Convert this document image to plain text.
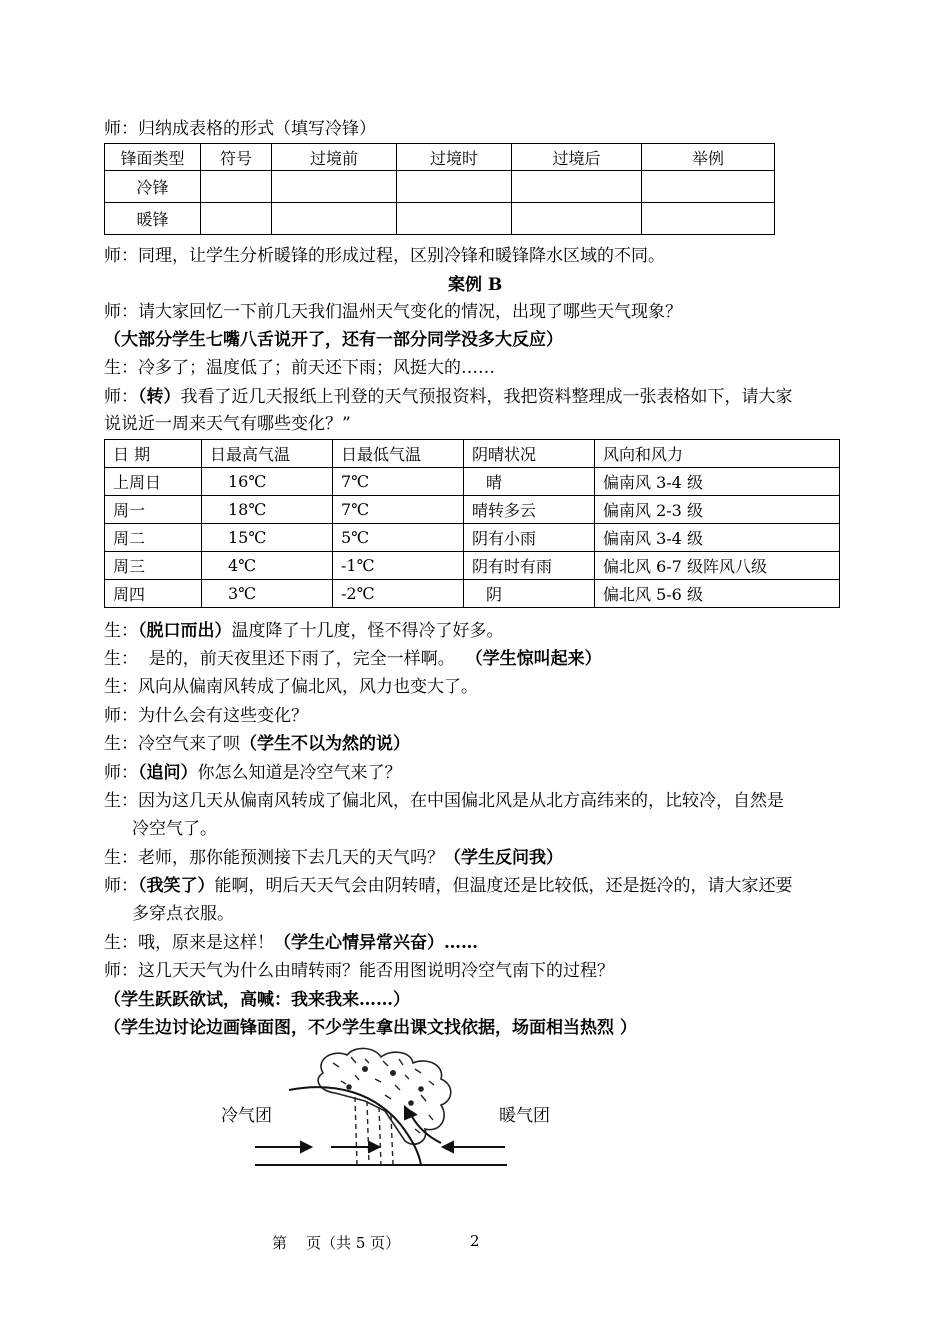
师：归纳成表格的形式（填写冷锋）
锋面类型	符号	过境前	过境时	过境后	举例
冷锋					
暖锋					
师：同理，让学生分析暖锋的形成过程，区别冷锋和暖锋降水区域的不同。
案例 B
师：请大家回忆一下前几天我们温州天气变化的情况，出现了哪些天气现象？
（大部分学生七嘴八舌说开了，还有一部分同学没多大反应）
生：冷多了；温度低了；前天还下雨；风挺大的……
师：（转）我看了近几天报纸上刊登的天气预报资料，我把资料整理成一张表格如下，请大家
说说近一周来天气有哪些变化？”
日 期	日最高气温	日最低气温	阴晴状况	风向和风力
上周日	16℃	7℃	晴	偏南风 3-4 级
周一	18℃	7℃	晴转多云	偏南风 2-3 级
周二	15℃	5℃	阴有小雨	偏南风 3-4 级
周三	4℃	-1℃	阴有时有雨	偏北风 6-7 级阵风八级
周四	3℃	-2℃	阴	偏北风 5-6 级
生：（脱口而出）温度降了十几度，怪不得冷了好多。
生：  是的，前天夜里还下雨了，完全一样啊。  （学生惊叫起来）
生：风向从偏南风转成了偏北风，风力也变大了。
师：为什么会有这些变化？
生：冷空气来了呗（学生不以为然的说）
师：（追问）你怎么知道是冷空气来了？
生：因为这几天从偏南风转成了偏北风，在中国偏北风是从北方高纬来的，比较冷，自然是
冷空气了。
生：老师，那你能预测接下去几天的天气吗？（学生反问我）
师：（我笑了）能啊，明后天天气会由阴转晴，但温度还是比较低，还是挺冷的，请大家还要
多穿点衣服。
生：哦，原来是这样！（学生心情异常兴奋）……
师：这几天天气为什么由晴转雨？能否用图说明冷空气南下的过程？
（学生跃跃欲试，高喊：我来我来……）
（学生边讨论边画锋面图，不少学生拿出课文找依据，场面相当热烈 ）
冷气团	暖气团
第    页（共 5 页）	2
